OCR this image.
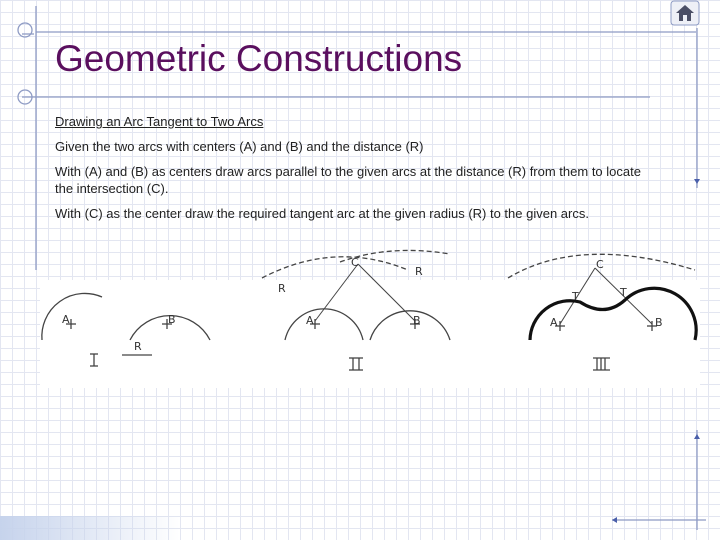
Geometric Constructions

Drawing an Arc Tangent to Two Arcs

Given the two arcs with centers (A) and (B) and the distance (R)

With (A) and (B) as centers draw arcs parallel to the given arcs at the distance (R) from them to locate the intersection (C).

With (C) as the center draw the required tangent arc at the given radius (R) to the given arcs.

A	B
R
C
R
R
A	B
C
T	T
A	B
